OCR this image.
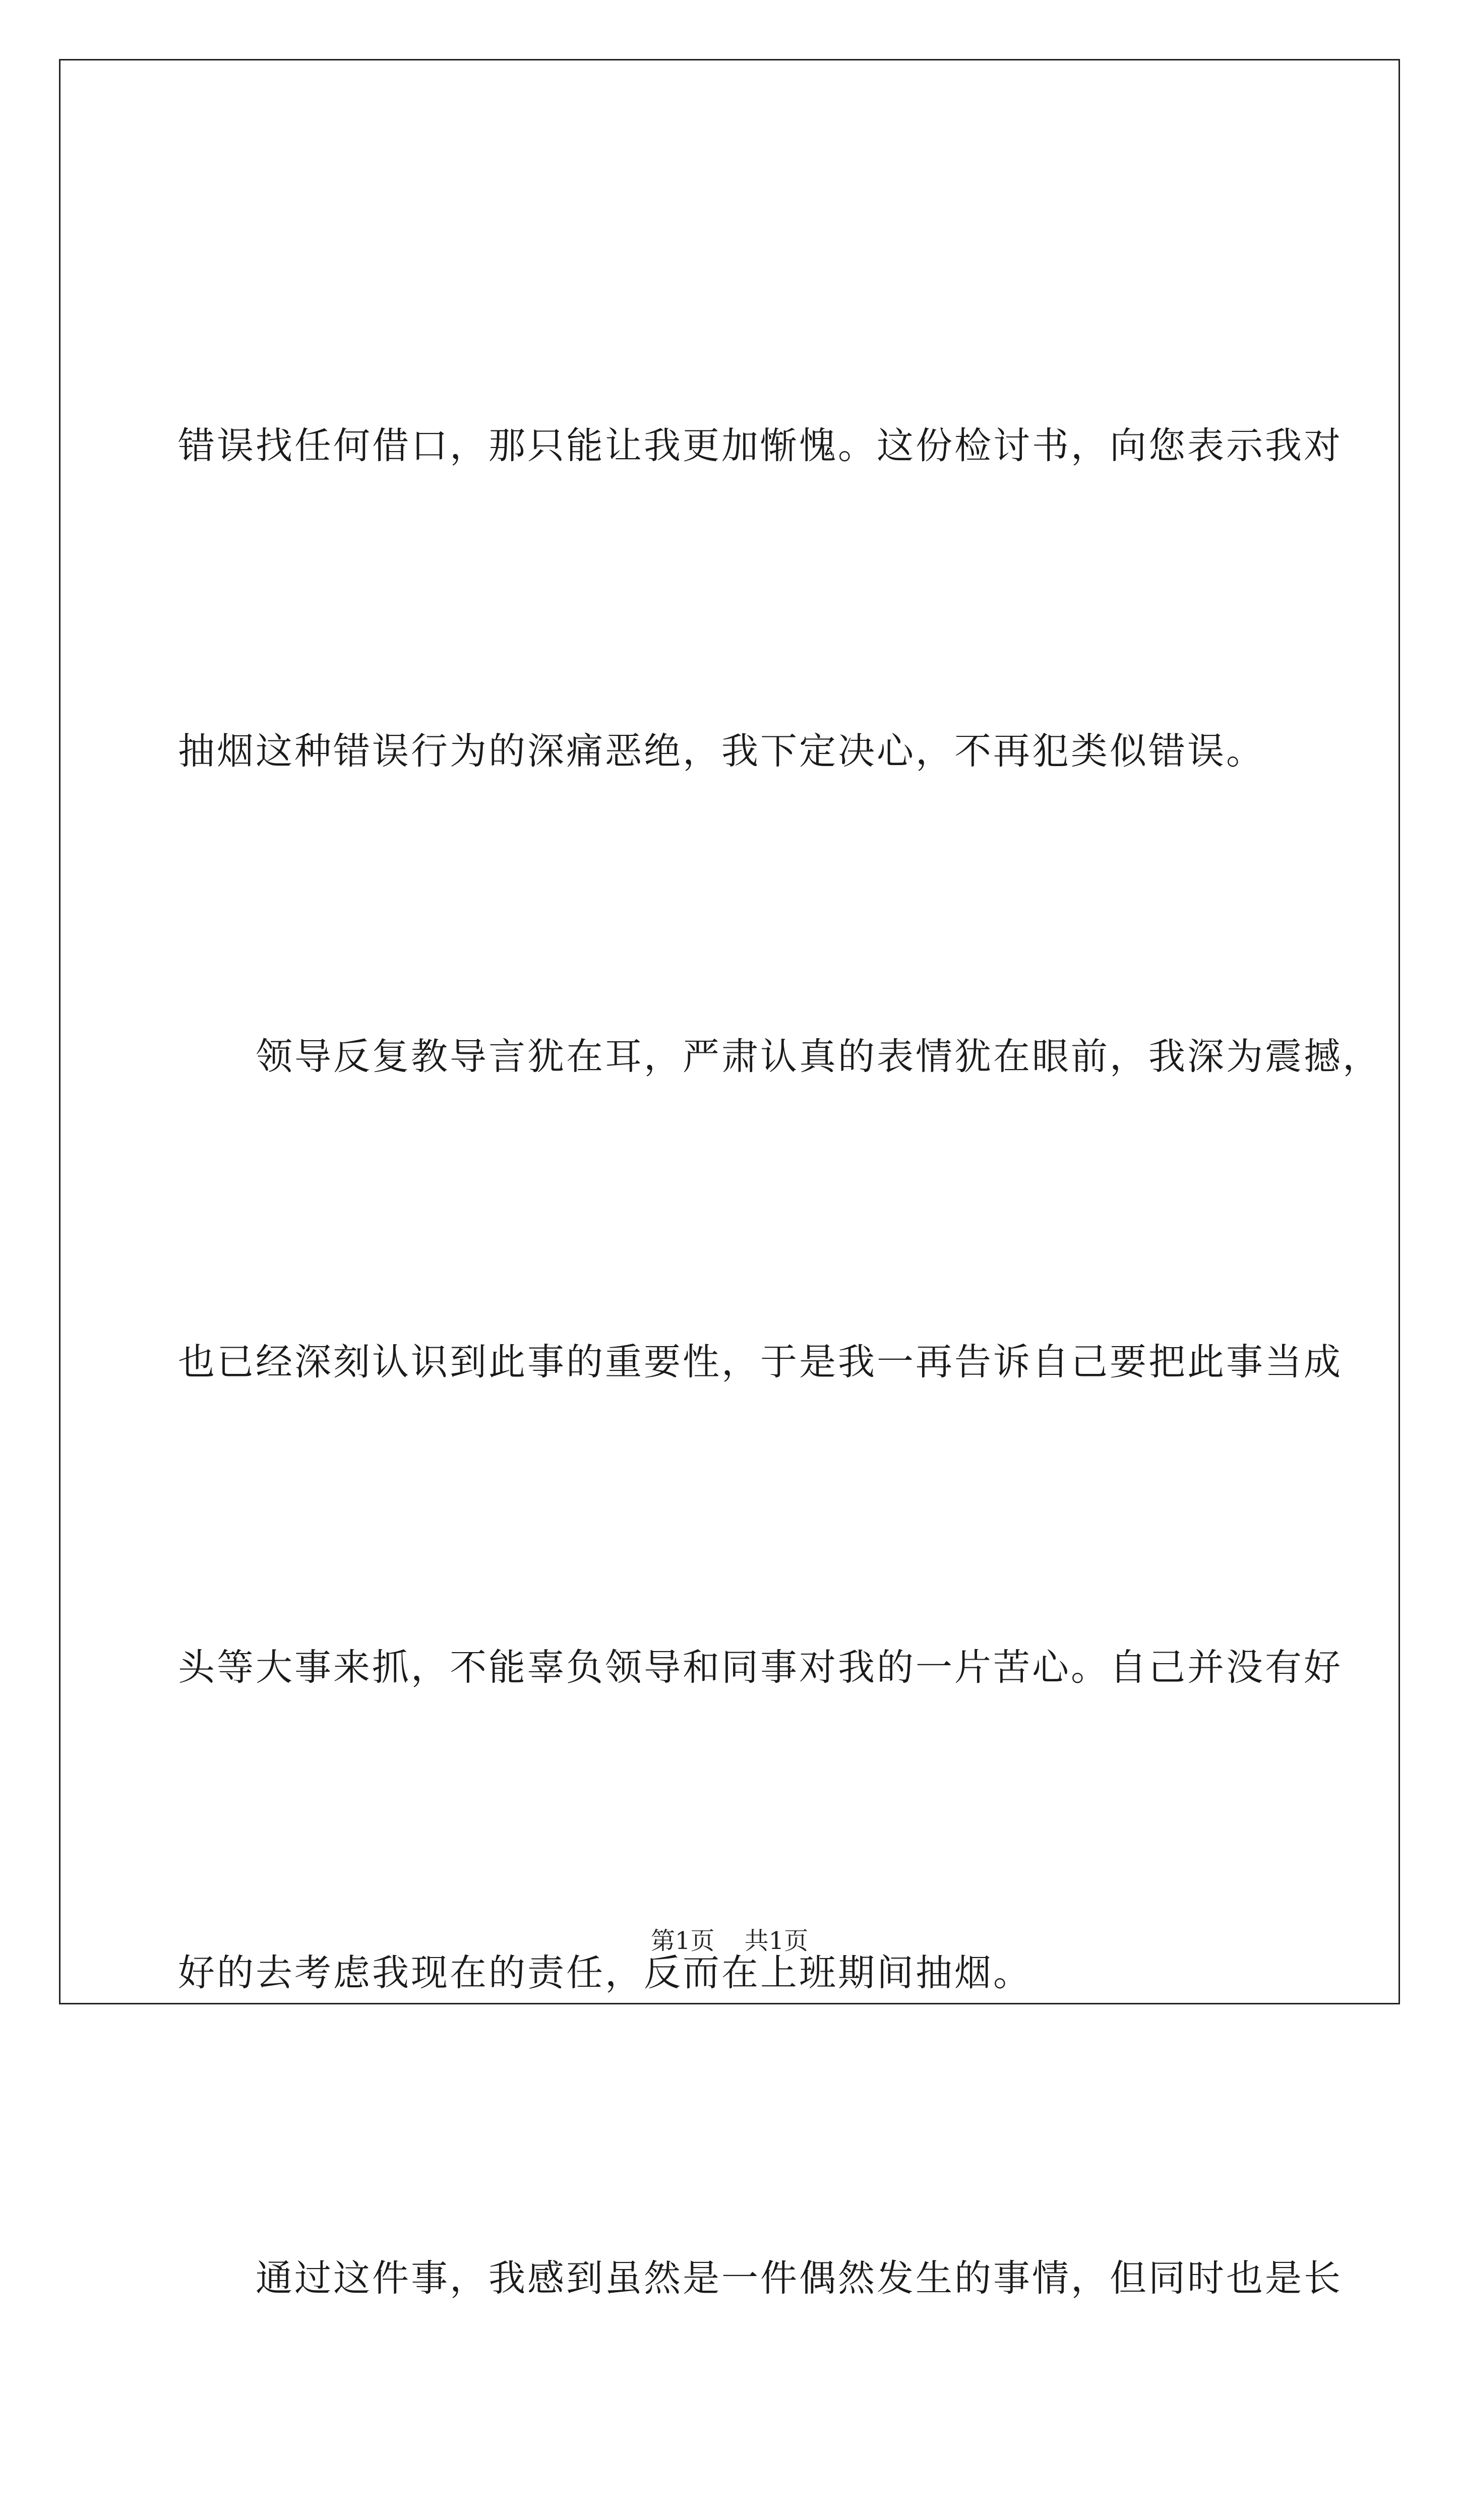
错误找任何借口，那只能让我更加惭愧。这份检讨书，向您表示我对

抽烟这种错误行为的深痛恶绝，我下定决心，不再犯类似错误。

领导反复教导言犹在耳，严肃认真的表情犹在眼前，我深为震撼，

也已经深刻认识到此事的重要性，于是我一再告诉自己要把此事当成

头等大事来抓，不能辜负领导和同事对我的一片苦心。自己并没有好

好的去考虑我现在的责任，反而在上班期间抽烟。

通过这件事，我感到虽然是一件偶然发生的事情，但同时也是长

第1页 共1页
